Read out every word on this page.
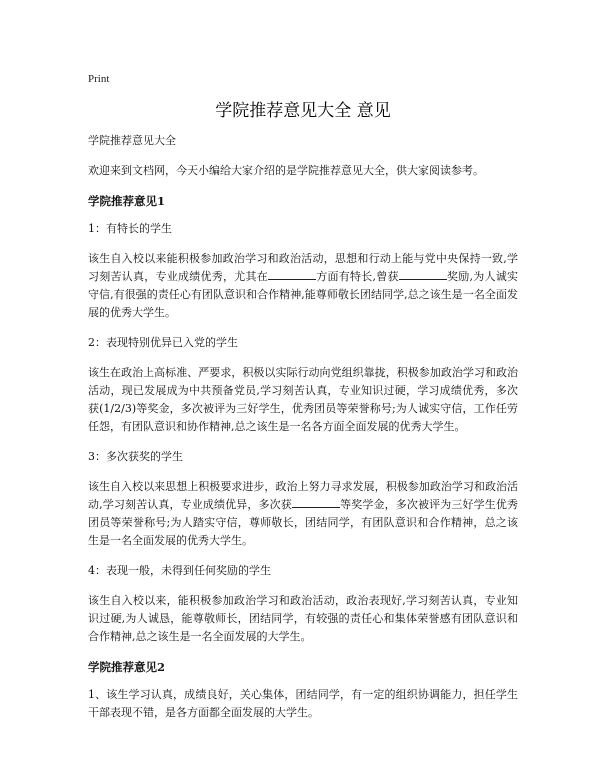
Print
学院推荐意见大全 意见

学院推荐意见大全

欢迎来到文档网，今天小编给大家介绍的是学院推荐意见大全，供大家阅读参考。

学院推荐意见1

1：有特长的学生

该生自入校以来能积极参加政治学习和政治活动，思想和行动上能与党中央保持一致,学习刻苦认真，专业成绩优秀，尤其在	方面有特长,曾获	奖励,为人诚实守信,有很强的责任心有团队意识和合作精神,能尊师敬长团结同学,总之该生是一名全面发展的优秀大学生。

2：表现特别优异已入党的学生

该生在政治上高标准、严要求，积极以实际行动向党组织靠拢，积极参加政治学习和政治活动，现已发展成为中共预备党员,学习刻苦认真，专业知识过硬，学习成绩优秀，多次获(1/2/3)等奖金，多次被评为三好学生，优秀团员等荣誉称号;为人诚实守信，工作任劳任怨，有团队意识和协作精神,总之该生是一名各方面全面发展的优秀大学生。

3：多次获奖的学生

该生自入校以来思想上积极要求进步，政治上努力寻求发展，积极参加政治学习和政治活动,学习刻苦认真，专业成绩优异，多次获	等奖学金，多次被评为三好学生优秀团员等荣誉称号;为人踏实守信，尊师敬长，团结同学，有团队意识和合作精神，总之该生是一名全面发展的优秀大学生。

4：表现一般，未得到任何奖励的学生

该生自入校以来，能积极参加政治学习和政治活动，政治表现好,学习刻苦认真，专业知识过硬,为人诚恳，能尊敬师长，团结同学，有较强的责任心和集体荣誉感有团队意识和合作精神,总之该生是一名全面发展的大学生。

学院推荐意见2

1、该生学习认真，成绩良好，关心集体，团结同学，有一定的组织协调能力，担任学生干部表现不错，是各方面都全面发展的大学生。
